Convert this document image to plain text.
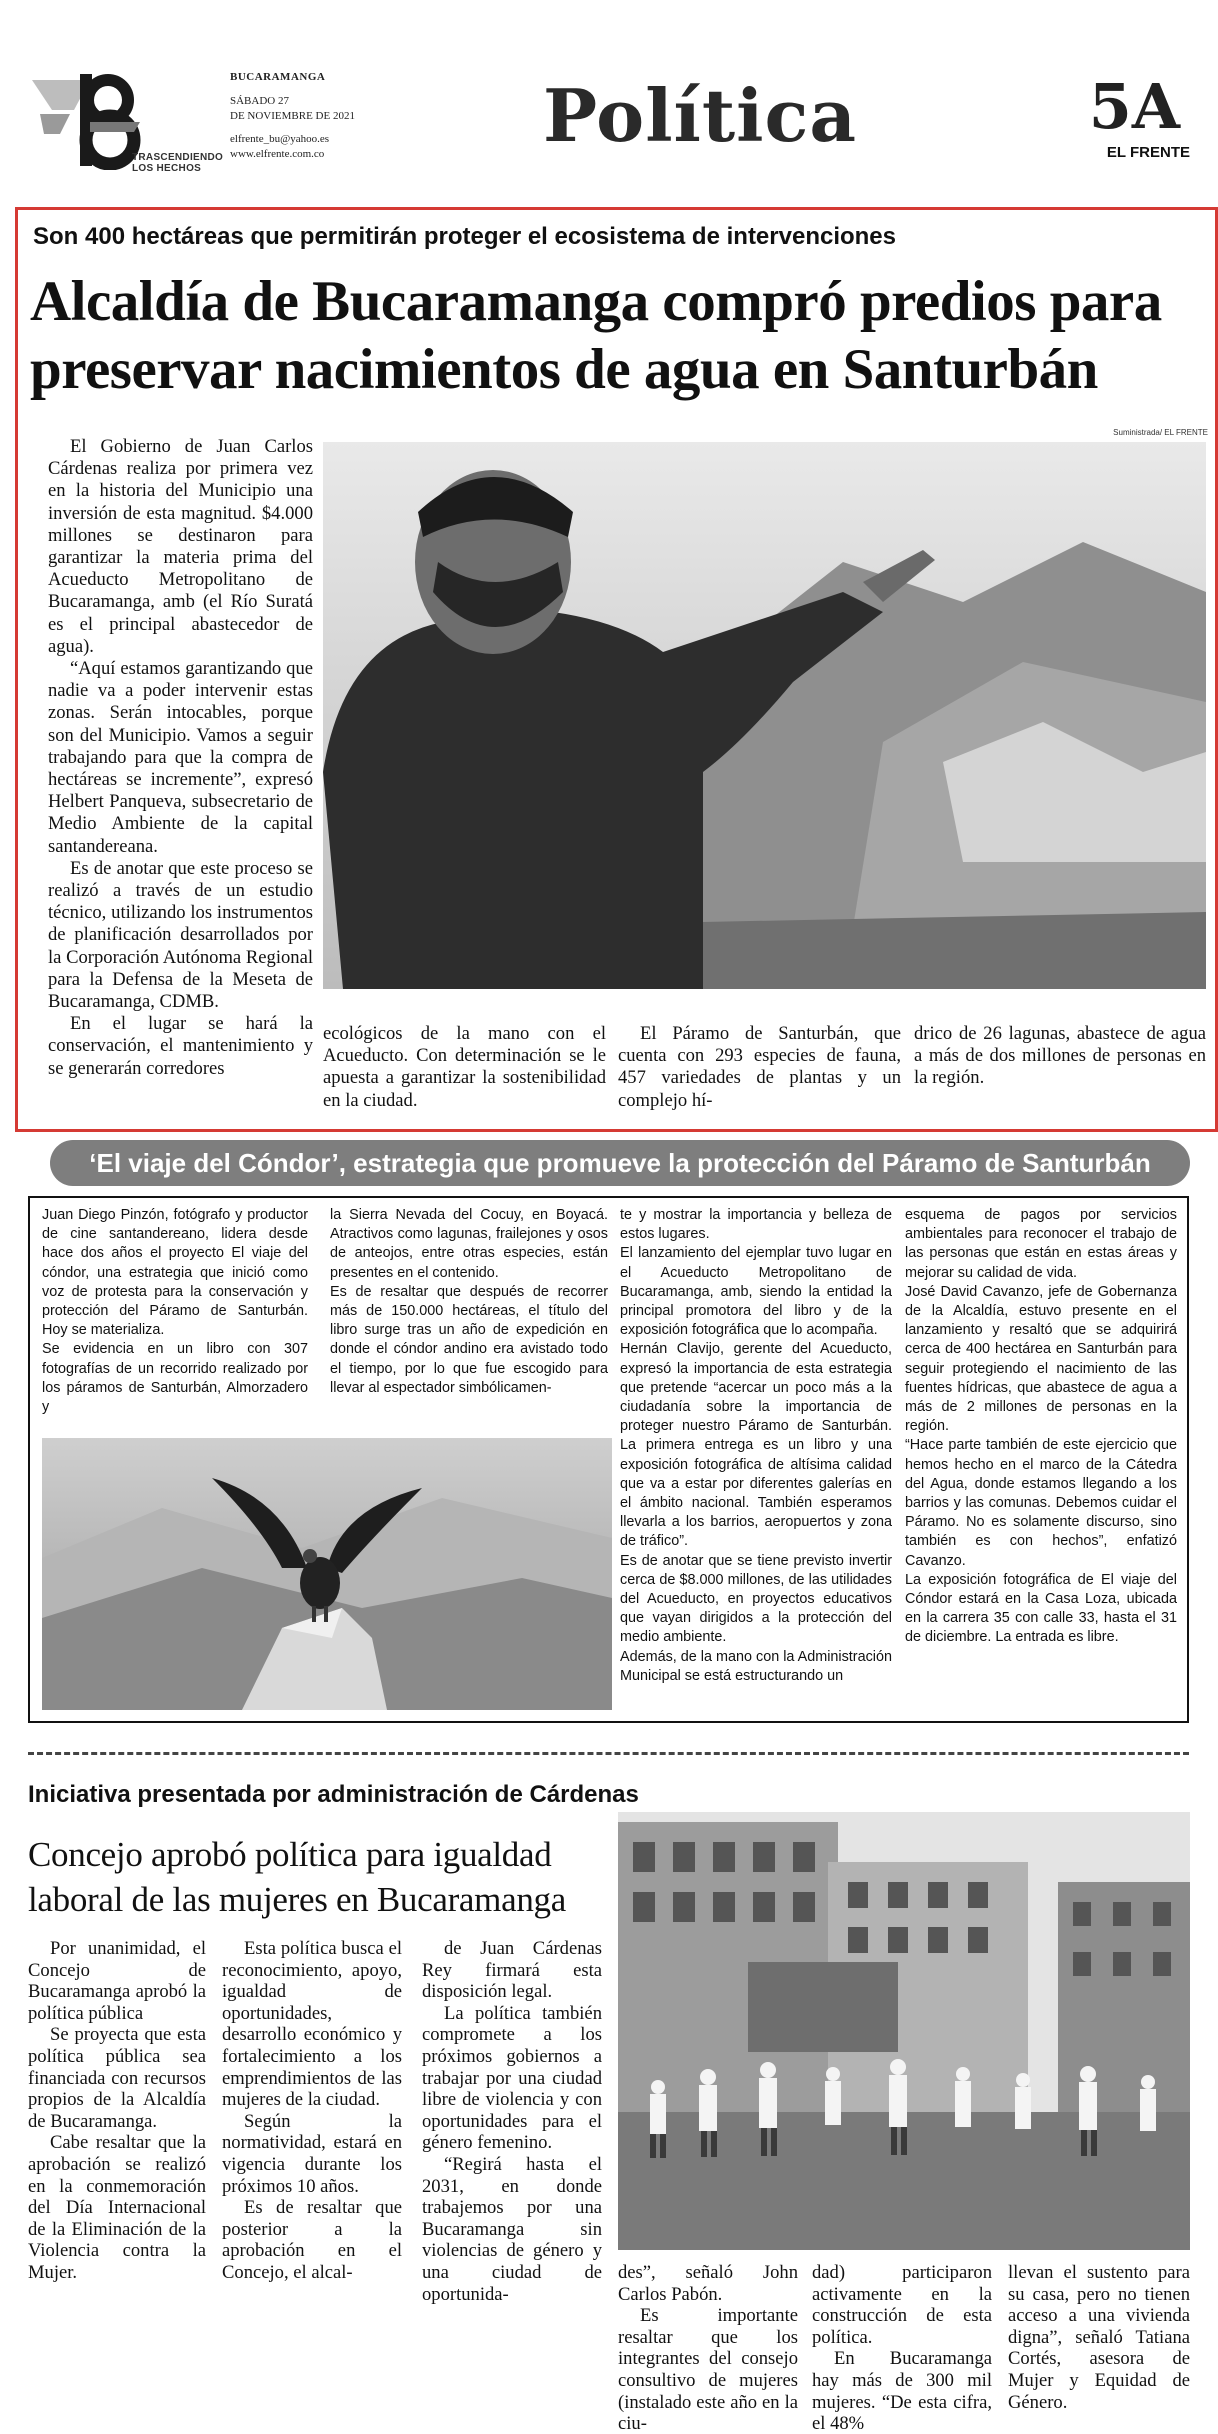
TRASCENDIENDO
LOS HECHOS
BUCARAMANGA
SÁBADO 27
DE NOVIEMBRE DE 2021
elfrente_bu@yahoo.es
www.elfrente.com.co	Política	5A
EL FRENTE
Son 400 hectáreas que permitirán proteger el ecosistema de intervenciones
Alcaldía de Bucaramanga compró predios para preservar nacimientos de agua en Santurbán
Suministrada/ EL FRENTE

El Gobierno de Juan Carlos Cárdenas realiza por primera vez en la historia del Municipio una inversión de esta magnitud. $4.000 millones se destinaron para garantizar la materia prima del Acueducto Metropolitano de Bucaramanga, amb (el Río Suratá es el principal abastecedor de agua).

“Aquí estamos garantizando que nadie va a poder intervenir estas zonas. Serán intocables, porque son del Municipio. Vamos a seguir trabajando para que la compra de hectáreas se incremente”, expresó Helbert Panqueva, subsecretario de Medio Ambiente de la capital santandereana.

Es de anotar que este proceso se realizó a través de un estudio técnico, utilizando los instrumentos de planificación desarrollados por la Corporación Autónoma Regional para la Defensa de la Meseta de Bucaramanga, CDMB.

En el lugar se hará la conservación, el mantenimiento y se generarán corredores

ecológicos de la mano con el Acueducto. Con determinación se le apuesta a garantizar la sostenibilidad en la ciudad.

El Páramo de Santurbán, que cuenta con 293 especies de fauna, 457 variedades de plantas y un complejo hí-

drico de 26 lagunas, abastece de agua a más de dos millones de personas en la región.
‘El viaje del Cóndor’, estrategia que promueve la protección del Páramo de Santurbán

Juan Diego Pinzón, fotógrafo y productor de cine santandereano, lidera desde hace dos años el proyecto El viaje del cóndor, una estrategia que inició como voz de protesta para la conservación y protección del Páramo de Santurbán. Hoy se materializa.

Se evidencia en un libro con 307 fotografías de un recorrido realizado por los páramos de Santurbán, Almorzadero y

la Sierra Nevada del Cocuy, en Boyacá. Atractivos como lagunas, frailejones y osos de anteojos, entre otras especies, están presentes en el contenido.

Es de resaltar que después de recorrer más de 150.000 hectáreas, el título del libro surge tras un año de expedición en donde el cóndor andino era avistado todo el tiempo, por lo que fue escogido para llevar al espectador simbólicamen-

te y mostrar la importancia y belleza de estos lugares.

El lanzamiento del ejemplar tuvo lugar en el Acueducto Metropolitano de Bucaramanga, amb, siendo la entidad la principal promotora del libro y de la exposición fotográfica que lo acompaña.

Hernán Clavijo, gerente del Acueducto, expresó la importancia de esta estrategia que pretende “acercar un poco más a la ciudadanía sobre la importancia de proteger nuestro Páramo de Santurbán. La primera entrega es un libro y una exposición fotográfica de altísima calidad que va a estar por diferentes galerías en el ámbito nacional. También esperamos llevarla a los barrios, aeropuertos y zona de tráfico”.

Es de anotar que se tiene previsto invertir cerca de $8.000 millones, de las utilidades del Acueducto, en proyectos educativos que vayan dirigidos a la protección del medio ambiente.

Además, de la mano con la Administración Municipal se está estructurando un

esquema de pagos por servicios ambientales para reconocer el trabajo de las personas que están en estas áreas y mejorar su calidad de vida.

José David Cavanzo, jefe de Gobernanza de la Alcaldía, estuvo presente en el lanzamiento y resaltó que se adquirirá cerca de 400 hectárea en Santurbán para seguir protegiendo el nacimiento de las fuentes hídricas, que abastece de agua a más de 2 millones de personas en la región.

“Hace parte también de este ejercicio que hemos hecho en el marco de la Cátedra del Agua, donde estamos llegando a los barrios y las comunas. Debemos cuidar el Páramo. No es solamente discurso, sino también es con hechos”, enfatizó Cavanzo.

La exposición fotográfica de El viaje del Cóndor estará en la Casa Loza, ubicada en la carrera 35 con calle 33, hasta el 31 de diciembre. La entrada es libre.

Iniciativa presentada por administración de Cárdenas
Concejo aprobó política para igualdad laboral de las mujeres en Bucaramanga

Por unanimidad, el Concejo de Bucaramanga aprobó la política pública

Se proyecta que esta política pública sea financiada con recursos propios de la Alcaldía de Bucaramanga.

Cabe resaltar que la aprobación se realizó en la conmemoración del Día Internacional de la Eliminación de la Violencia contra la Mujer.

Esta política busca el reconocimiento, apoyo, igualdad de oportunidades, desarrollo económico y fortalecimiento a los emprendimientos de las mujeres de la ciudad.

Según la normatividad, estará en vigencia durante los próximos 10 años.

Es de resaltar que posterior a la aprobación en el Concejo, el alcal-

de Juan Cárdenas Rey firmará esta disposición legal.

La política también compromete a los próximos gobiernos a trabajar por una ciudad libre de violencia y con oportunidades para el género femenino.

“Regirá hasta el 2031, en donde trabajemos por una Bucaramanga sin violencias de género y una ciudad de oportunida-

des”, señaló John Carlos Pabón.

Es importante resaltar que los integrantes del consejo consultivo de mujeres (instalado este año en la ciu-

dad) participaron activamente en la construcción de esta política.

En Bucaramanga hay más de 300 mil mujeres. “De esta cifra, el 48%

llevan el sustento para su casa, pero no tienen acceso a una vivienda digna”, señaló Tatiana Cortés, asesora de Mujer y Equidad de Género.
